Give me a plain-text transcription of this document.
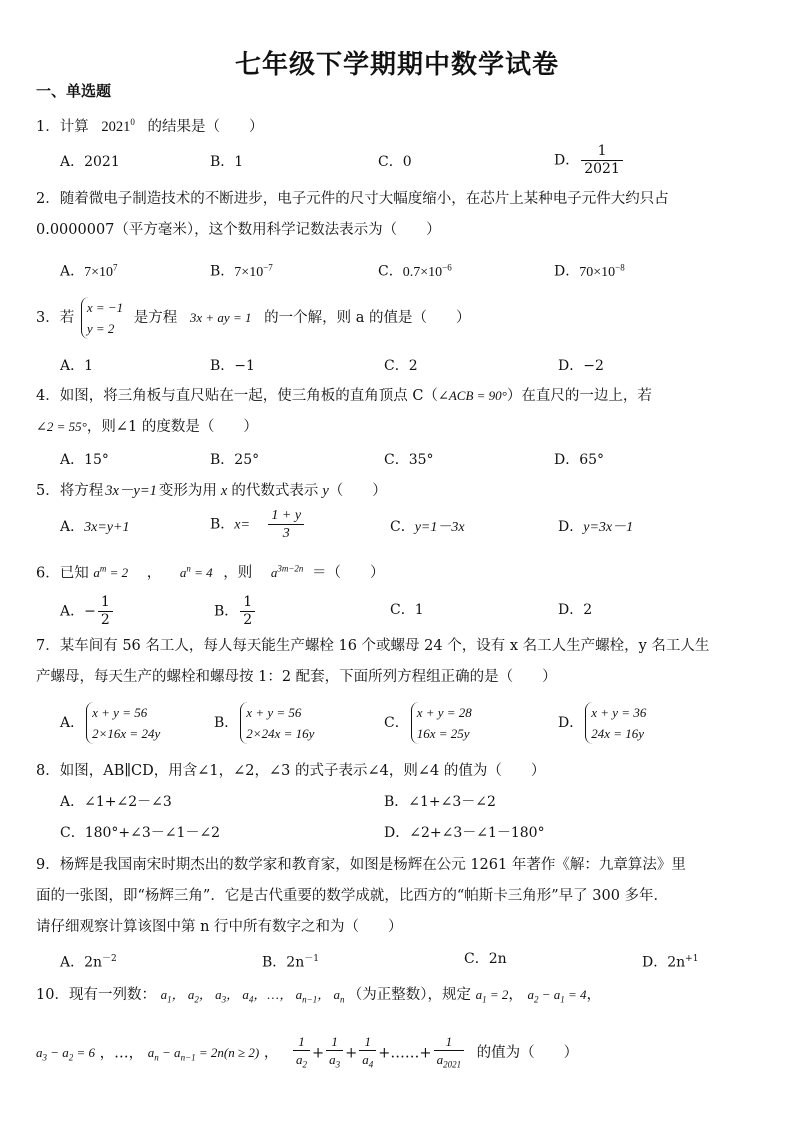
七年级下学期期中数学试卷
一、单选题
1．计算 2021$^0$ 的结果是（　　）
A．2021	B．1	C．0	D． $\frac{1}{2021}$
2．随着微电子制造技术的不断进步，电子元件的尺寸大幅度缩小，在芯片上某种电子元件大约只占
0.0000007（平方毫米），这个数用科学记数法表示为（　　）
A．$7\times 10^7$	B．$7\times 10^{-7}$	C．$0.7\times 10^{-6}$	D．$70\times 10^{-8}$
3．若
x = −1
y = 2
是方程 3x + ay = 1 的一个解，则 a 的值是（　　）
A．1	B．−1	C．2	D．−2
4．如图，将三角板与直尺贴在一起，使三角板的直角顶点 C（∠ACB = 90°）在直尺的一边上，若
∠2 = 55°，则∠1 的度数是（　　）
A．15°	B．25°	C．35°	D．65°
5．将方程 3x－y=1 变形为用 x 的代数式表示 y（　　）
A．3x=y+1	B．$x= \frac{1 + y}{3}$	C．y=1－3x	D．y=3x－1
6．已知 $a^m = 2$ ， $a^n = 4$ ，则 $a^{3m-2n}$ ＝（　　）
A．− $\frac{1}{2}$	B． $\frac{1}{2}$	C．1	D．2
7．某车间有 56 名工人，每人每天能生产螺栓 16 个或螺母 24 个，设有 x 名工人生产螺栓，y 名工人生
产螺母，每天生产的螺栓和螺母按 1：2 配套，下面所列方程组正确的是（　　）
A．
x + y = 56
2×16x = 24y
B．
x + y = 56
2×24x = 16y
C．
x + y = 28
16x = 25y
D．
x + y = 36
24x = 16y
8．如图，AB∥CD，用含∠1，∠2，∠3 的式子表示∠4，则∠4 的值为（　　）
A．∠1+∠2－∠3	B．∠1+∠3－∠2
C．180°+∠3－∠1－∠2	D．∠2+∠3－∠1－180°
9．杨辉是我国南宋时期杰出的数学家和教育家，如图是杨辉在公元 1261 年著作《解：九章算法》里
面的一张图，即“杨辉三角”．它是古代重要的数学成就，比西方的“帕斯卡三角形”早了 300 多年．
请仔细观察计算该图中第 n 行中所有数字之和为（　　）
A．$2n^{-2}$	B．$2n^{-1}$	C．2n	D．$2n^{+1}$
10．现有一列数： $a_1$， $a_2$， $a_3$， $a_4$，…， $a_{n-1}$， $a_n$ （为正整数），规定 $a_1 = 2$， $a_2 - a_1 = 4$，
$a_3 - a_2 = 6$ ，…， $a_n - a_{n-1} = 2n(n \ge 2)$ ， $\frac{1}{a_2} + \frac{1}{a_3} + \frac{1}{a_4}$ +……+ $\frac{1}{a_{2021}}$ 的值为（　　）
